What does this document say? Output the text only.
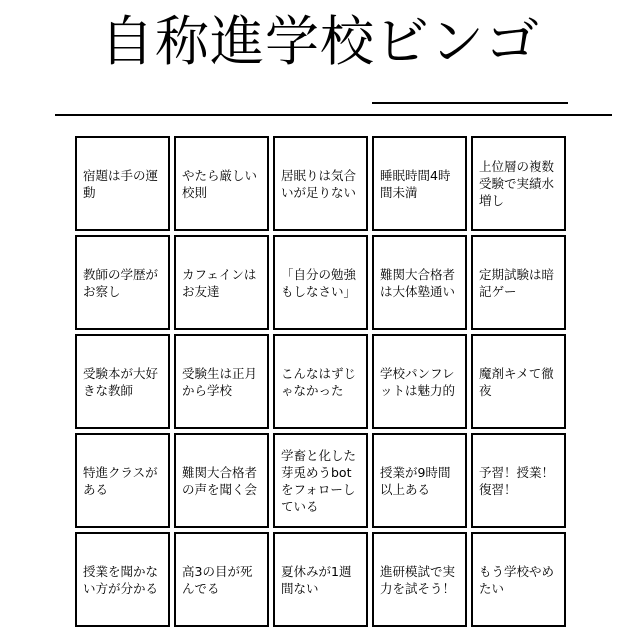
自称進学校ビンゴ
宿題は手の運動
やたら厳しい校則
居眠りは気合いが足りない
睡眠時間4時間未満
上位層の複数受験で実績水増し
教師の学歴がお察し
カフェインはお友達
「自分の勉強もしなさい」
難関大合格者は大体塾通い
定期試験は暗記ゲー
受験本が大好きな教師
受験生は正月から学校
こんなはずじゃなかった
学校パンフレットは魅力的
魔剤キメて徹夜
特進クラスがある
難関大合格者の声を聞く会
学畜と化した芽兎めうbotをフォローしている
授業が9時間以上ある
予習！授業！復習！
授業を聞かない方が分かる
高3の目が死んでる
夏休みが1週間ない
進研模試で実力を試そう！
もう学校やめたい
